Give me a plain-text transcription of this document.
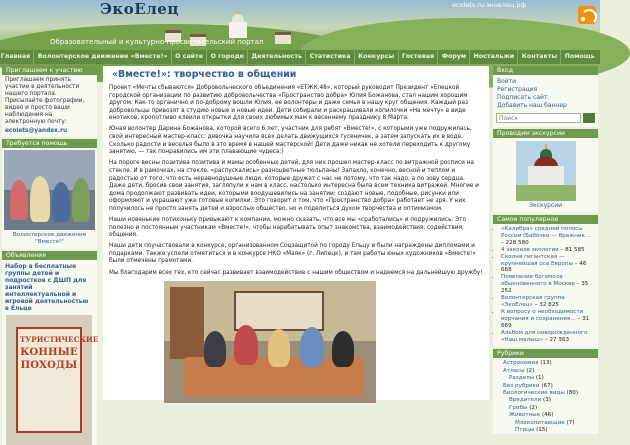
ЭкоЕлец	ecolets.ru экоелец.рф
Образовательный и культурно-просветительский портал
Главная	Волонтерское движение «Вместе!»	О сайте	О городе	Деятельность	Статистика	Конкурсы	Гостевая	Форум	Ностальжи	Контакты	Помощь
Приглашаем к участию
Приглашаем принять участие в деятельности нашего портала. Присылайте фотографии, видео и просто ваши наблюдения на электронную почту:
ecolets@yandex.ru
Требуется помощь
Волонтерское движение "Вместе!"
Объявления
Набор в бесплатные группы детей и подростков с ДШП для занятий интеллектуальной и игровой деятельностью в Ельце
ТУРИСТИЧЕСКИЕ
КОННЫЕ
ПОХОДЫ
«Вместе!»: творчество в общении

Проект «Мечты сбываются» Добровольческого объединения «ЕТЖК.48», который руководит Президент «Елецкой городской организации по развитию добровольчества «Пространство добра» Юлия Божанова, стал нашим хорошим другом. Как-то органично и по-доброму вошли Юлия, ее волонтеры и даже семья в нашу круг общения. Каждый раз добровольцы привозят в студию новые и новые идеи. Дети собирали и раскрашивали копилочки «На мечту» в виде енотиков, кропотливо клеили открытки для своих любимых мам к весеннему празднику 8 Марта.

Юная волонтер Дарина Божанова, которой всего 6 лет, участник для ребят «Вместе!», с которыми уже подружилась, свой интересный мастер-класс: девочка научила всех делать движущихся гусеничек, а затем запускать их в воде. Сколько радости и веселья было в это время в нашей мастерской! Дети даже никак не хотели переходить к другому занятию, — так понравились им эти плавающие чудеса:)

На пороге весны позитива позитива и мамы особенных детей, для них прошел мастер-класс по витражной росписи на стекле. И в рамочках, на стекле, «распускались» разноцветные тюльпаны! Запахло, конечно, весной и теплом и радостью от того, что есть неравнодушные люди, которые дружат с нас не потому, что так надо, а по зову сердца. Даже дети, бросив свои занятия, загляпули к нам в класс, настолько интересна была всем техника витражей. Многие и дома продолжают развивать идеи, которыми воодушевились на занятии: создают новые, подобные, рисунки или оформляют и украшают уже готовые копилки. Это говорит о том, что «Пространство добра» работает не зря. У них получилось не просто занять детей и взрослых общество, но и поделиться духом творчества и оптимизмом.

Наши новенькие потихоньку привыкают к компании, можно сказать, что все мы «сработались» и подружились. Это полезно и постоянным участникам «Вместе!», чтобы нарабатывать опыт знакомства, взаимодействия, содействия, общения.

Наши дети поучаствовали в конкурсе, организованном Соцзащитой по городу Ельцу и были награждены дипломами и подарками. Также успели отметиться и в конкурсе НКО «Маяк» (г. Липецк), и там работы юных художников «Вместе!» были отмечены грамотами.

Мы благодарим всех тех, кто сейчас развивает взаимодействие с нашим обществом и надеемся на дальнейшую дружбу!

Вход
Войти
Регистрация
Подписать сайт
Добавить наш баннер
Поиск
Проводим экскурсии
Экскурсии
Самое популярное
• «Калибра» средней полосы России (Бабочки — бражник... – 228 580
• 4 законов экологии – 81 585
• Сколня гигантская — крупнейшая оса Европы – 46 668
• Появление богомола обыкновенного в Москве – 35 252
• Волонтерская группа «ЭкоЕлец» – 32 825
• К вопросу о необходимости ворчания и сохранения... – 31 669
• Альбом для новорожденного «Наш малыш» – 27 363
Рубрики
Астрономия (13)
Атласы (2)
Разделы (1)
Без рубрики (67)
Биологические виды (80)
Вредители (3)
Грибы (2)
Животные (46)
Млекопитающие (7)
Птицы (15)
